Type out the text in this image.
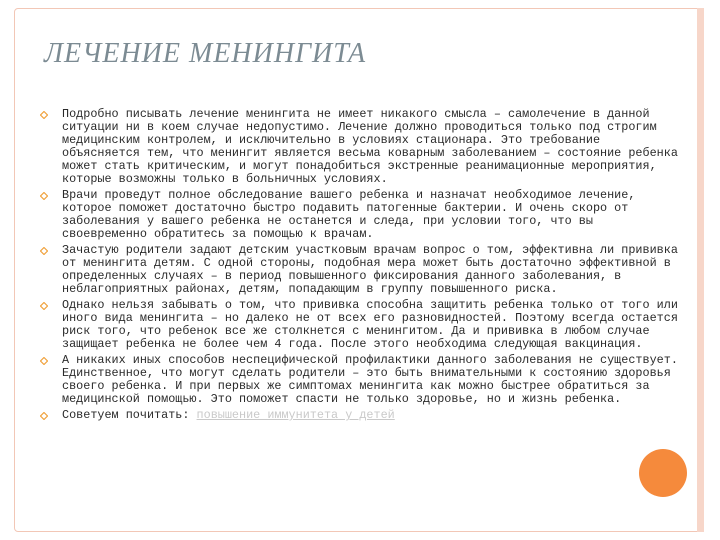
ЛЕЧЕНИЕ МЕНИНГИТА
Подробно писывать лечение менингита не имеет никакого смысла – самолечение в данной ситуации ни в коем случае недопустимо. Лечение должно проводиться только под строгим медицинским контролем, и исключительно в условиях стационара. Это требование объясняется тем, что менингит является весьма коварным заболеванием – состояние ребенка может стать критическим, и могут понадобиться экстренные реанимационные мероприятия, которые возможны только в больничных условиях.
Врачи проведут полное обследование вашего ребенка и назначат необходимое лечение, которое поможет достаточно быстро подавить патогенные бактерии. И очень скоро от заболевания у вашего ребенка не останется и следа, при условии того, что вы своевременно обратитесь за помощью к врачам.
Зачастую родители задают детским участковым врачам вопрос о том, эффективна ли прививка от менингита детям. С одной стороны, подобная мера может быть достаточно эффективной в определенных случаях – в период повышенного фиксирования данного заболевания, в неблагоприятных районах, детям, попадающим в группу повышенного риска.
Однако нельзя забывать о том, что прививка способна защитить ребенка только от того или иного вида менингита – но далеко не от всех его разновидностей. Поэтому всегда остается риск того, что ребенок все же столкнется с менингитом. Да и прививка в любом случае защищает ребенка не более чем 4 года. После этого необходима следующая вакцинация.
А никаких иных способов неспецифической профилактики данного заболевания не существует. Единственное, что могут сделать родители – это быть внимательными к состоянию здоровья своего ребенка. И при первых же симптомах менингита как можно быстрее обратиться за медицинской помощью. Это поможет спасти не только здоровье, но и жизнь ребенка.
Советуем почитать: повышение иммунитета у детей
